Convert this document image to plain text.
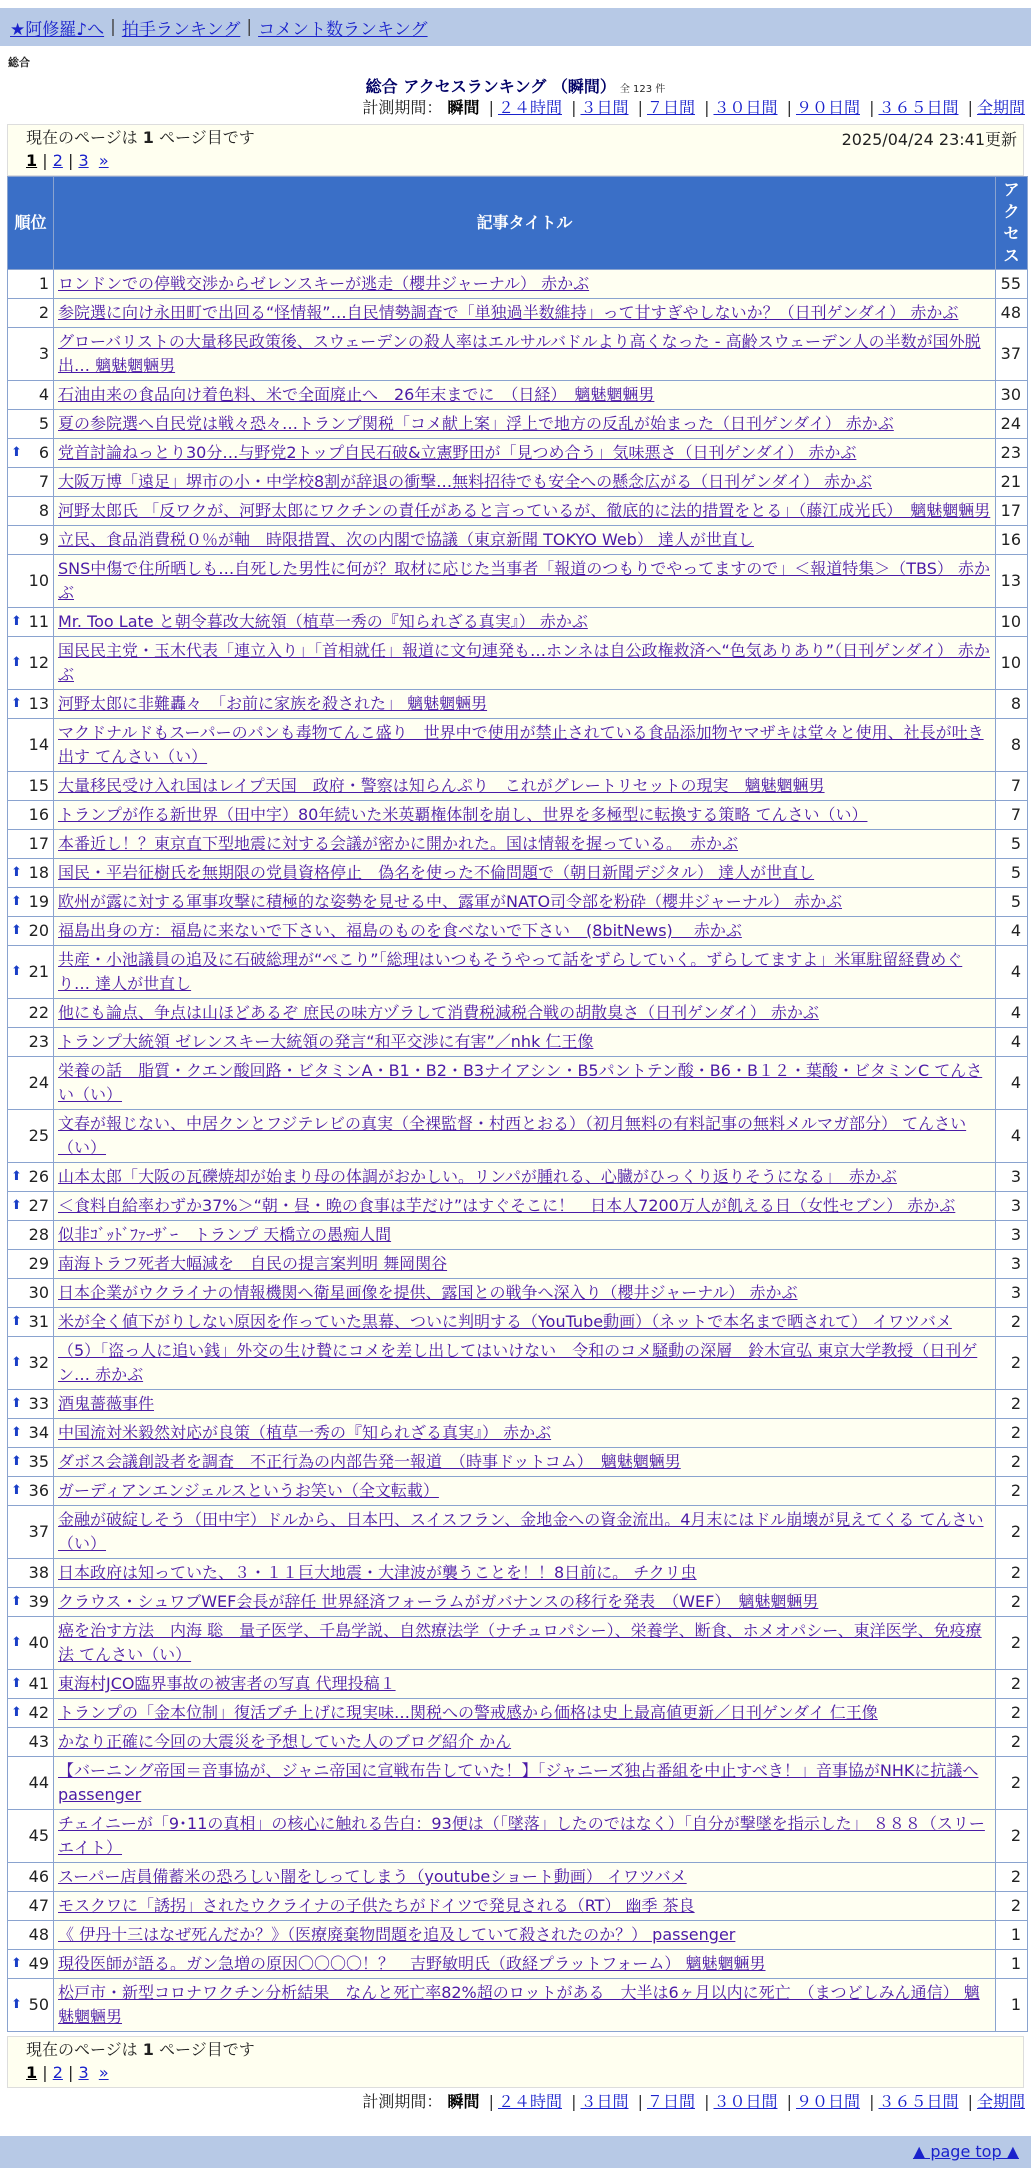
★阿修羅♪へ | 拍手ランキング | コメント数ランキング
総合
総合 アクセスランキング （瞬間） 全 123 件
計測期間： 瞬間 | ２４時間 | ３日間 | ７日間 | ３０日間 | ９０日間 | ３６５日間 | 全期間
現在のページは 1 ページ目です	2025/04/24 23:41更新
1 | 2 | 3 »
順位	記事タイトル	アクセス
1	ロンドンでの停戦交渉からゼレンスキーが逃走（櫻井ジャーナル） 赤かぶ	55
2	参院選に向け永田町で出回る“怪情報”…自民情勢調査で「単独過半数維持」って甘すぎやしないか？（日刊ゲンダイ） 赤かぶ	48
3	グローバリストの大量移民政策後、スウェーデンの殺人率はエルサルバドルより高くなった - 高齢スウェーデン人の半数が国外脱出… 魑魅魍魎男	37
4	石油由来の食品向け着色料、米で全面廃止へ　26年末までに　（日経）　魑魅魍魎男	30
5	夏の参院選へ自民党は戦々恐々…トランプ関税「コメ献上案」浮上で地方の反乱が始まった（日刊ゲンダイ） 赤かぶ	24

⬆ 6	党首討論ねっとり30分…与野党2トップ自民石破&立憲野田が「見つめ合う」気味悪さ（日刊ゲンダイ） 赤かぶ	23
7	大阪万博「遠足」堺市の小・中学校8割が辞退の衝撃…無料招待でも安全への懸念広がる（日刊ゲンダイ） 赤かぶ	21
8	河野太郎氏 「反ワクが、河野太郎にワクチンの責任があると言っているが、徹底的に法的措置をとる」（藤江成光氏）　魑魅魍魎男	17
9	立民、食品消費税０％が軸　時限措置、次の内閣で協議（東京新聞 TOKYO Web） 達人が世直し	16
10	SNS中傷で住所晒しも…自死した男性に何が？取材に応じた当事者「報道のつもりでやってますので」＜報道特集＞（TBS） 赤かぶ	13

⬆ 11	Mr. Too Late と朝令暮改大統領（植草一秀の『知られざる真実』） 赤かぶ	10

⬆ 12	国民民主党・玉木代表「連立入り」「首相就任」報道に文句連発も…ホンネは自公政権救済へ“色気ありあり”（日刊ゲンダイ） 赤かぶ	10

⬆ 13	河野太郎に非難轟々　「お前に家族を殺された」 魑魅魍魎男	8
14	マクドナルドもスーパーのパンも毒物てんこ盛り　世界中で使用が禁止されている食品添加物ヤマザキは堂々と使用、社長が吐き出す てんさい（い）	8
15	大量移民受け入れ国はレイプ天国　政府・警察は知らんぷり　これがグレートリセットの現実　魑魅魍魎男	7
16	トランプが作る新世界（田中宇）80年続いた米英覇権体制を崩し、世界を多極型に転換する策略 てんさい（い）	7
17	本番近し！？東京直下型地震に対する会議が密かに開かれた。国は情報を握っている。　赤かぶ	5

⬆ 18	国民・平岩征樹氏を無期限の党員資格停止　偽名を使った不倫問題で（朝日新聞デジタル） 達人が世直し	5

⬆ 19	欧州が露に対する軍事攻撃に積極的な姿勢を見せる中、露軍がNATO司令部を粉砕（櫻井ジャーナル） 赤かぶ	5

⬆ 20	福島出身の方：福島に来ないで下さい、福島のものを食べないで下さい　(8bitNews)　 赤かぶ	4

⬆ 21	共産・小池議員の追及に石破総理が“ぺこり”「総理はいつもそうやって話をずらしていく。ずらしてますよ」米軍駐留経費めぐり… 達人が世直し	4
22	他にも論点、争点は山ほどあるぞ 庶民の味方ヅラして消費税減税合戦の胡散臭さ（日刊ゲンダイ） 赤かぶ	4
23	トランプ大統領 ゼレンスキー大統領の発言“和平交渉に有害”／nhk 仁王像	4
24	栄養の話　脂質・クエン酸回路・ビタミンA・B1・B2・B3ナイアシン・B5パントテン酸・B6・B１２・葉酸・ビタミンC てんさい（い）	4
25	文春が報じない、中居クンとフジテレビの真実（全裸監督・村西とおる）（初月無料の有料記事の無料メルマガ部分） てんさい（い）	4

⬆ 26	山本太郎「大阪の瓦礫焼却が始まり母の体調がおかしい。リンパが腫れる、心臓がひっくり返りそうになる」　赤かぶ	3

⬆ 27	＜食料自給率わずか37%＞“朝・昼・晩の食事は芋だけ”はすぐそこに！　日本人7200万人が飢える日（女性セブン） 赤かぶ	3
28	似非ｺﾞｯﾄﾞﾌｧｰｻﾞｰ　トランプ 天橋立の愚痴人間	3
29	南海トラフ死者大幅減を　自民の提言案判明 舞岡関谷	3
30	日本企業がウクライナの情報機関へ衛星画像を提供、露国との戦争へ深入り（櫻井ジャーナル） 赤かぶ	3

⬆ 31	米が全く値下がりしない原因を作っていた黒幕、ついに判明する（YouTube動画）（ネットで本名まで晒されて） イワツバメ	2

⬆ 32	（5）「盗っ人に追い銭」外交の生け贄にコメを差し出してはいけない　令和のコメ騒動の深層　鈴木宣弘 東京大学教授（日刊ゲン… 赤かぶ	2

⬆ 33	酒鬼薔薇事件	2

⬆ 34	中国流対米毅然対応が良策（植草一秀の『知られざる真実』） 赤かぶ	2

⬆ 35	ダボス会議創設者を調査　不正行為の内部告発一報道　（時事ドットコム）　魑魅魍魎男	2

⬆ 36	ガーディアンエンジェルスというお笑い（全文転載）	2
37	金融が破綻しそう（田中宇）ドルから、日本円、スイスフラン、金地金への資金流出。4月末にはドル崩壊が見えてくる てんさい（い）	2
38	日本政府は知っていた、３・１１巨大地震・大津波が襲うことを！！8日前に。 チクリ虫	2

⬆ 39	クラウス・シュワブWEF会長が辞任 世界経済フォーラムがガバナンスの移行を発表　（WEF）　魑魅魍魎男	2

⬆ 40	癌を治す方法　内海 聡　量子医学、千島学説、自然療法学（ナチュロパシー）、栄養学、断食、ホメオパシー、東洋医学、免疫療法 てんさい（い）	2

⬆ 41	東海村JCO臨界事故の被害者の写真 代理投稿１	2

⬆ 42	トランプの「金本位制」復活ブチ上げに現実味…関税への警戒感から価格は史上最高値更新／日刊ゲンダイ 仁王像	2
43	かなり正確に今回の大震災を予想していた人のブログ紹介 かん	2
44	【バーニング帝国＝音事協が、ジャニ帝国に宣戦布告していた！】「ジャニーズ独占番組を中止すべき！」音事協がNHKに抗議へ passenger	2
45	チェイニーが「9･11の真相」の核心に触れる告白：93便は（「墜落」したのではなく）「自分が撃墜を指示した」 ８８８（スリーエイト）	2
46	スーパー店員備蓄米の恐ろしい闇をしってしまう（youtubeショート動画） イワツバメ	2
47	モスクワに「誘拐」されたウクライナの子供たちがドイツで発見される（RT） 幽季 茶良	2
48	《 伊丹十三はなぜ死んだか？》（医療廃棄物問題を追及していて殺されたのか？） passenger	1

⬆ 49	現役医師が語る。ガン急増の原因〇〇〇〇！？　吉野敏明氏（政経プラットフォーム） 魑魅魍魎男	1

⬆ 50	松戸市・新型コロナワクチン分析結果　なんと死亡率82%超のロットがある　大半は6ヶ月以内に死亡　（まつどしみん通信） 魑魅魍魎男	1
現在のページは 1 ページ目です
1 | 2 | 3 »
計測期間： 瞬間 | ２４時間 | ３日間 | ７日間 | ３０日間 | ９０日間 | ３６５日間 | 全期間
▲ page top ▲
